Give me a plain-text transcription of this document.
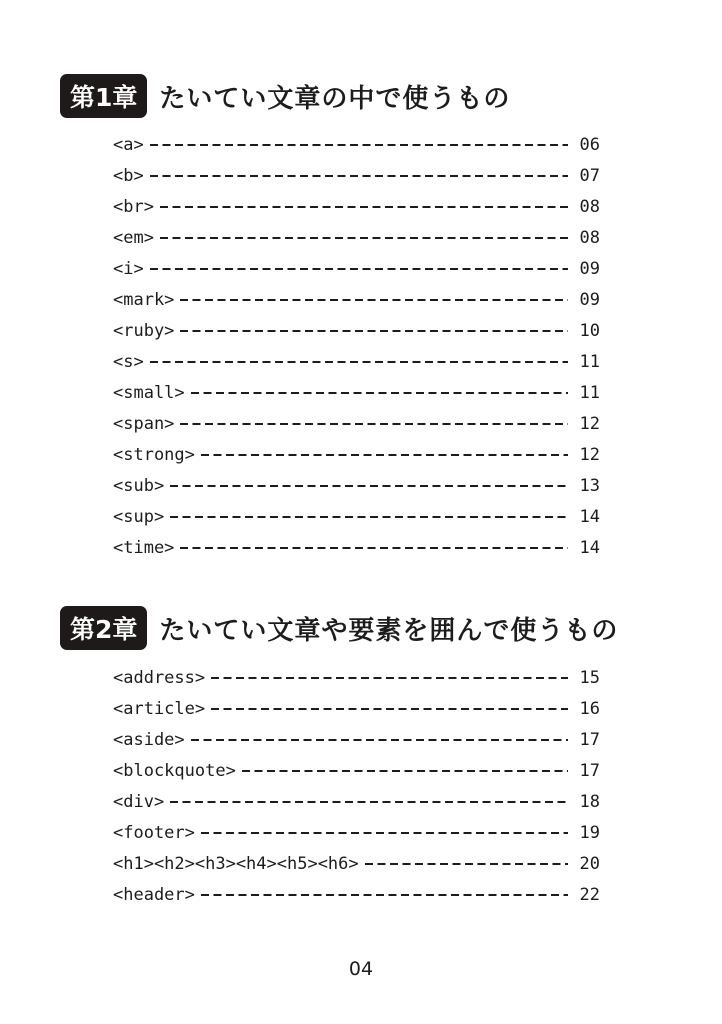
第1章 たいてい文章の中で使うもの
<a>	06
<b>	07
<br>	08
<em>	08
<i>	09
<mark>	09
<ruby>	10
<s>	11
<small>	11
<span>	12
<strong>	12
<sub>	13
<sup>	14
<time>	14
第2章 たいてい文章や要素を囲んで使うもの
<address>	15
<article>	16
<aside>	17
<blockquote>	17
<div>	18
<footer>	19
<h1><h2><h3><h4><h5><h6>	20
<header>	22
04
